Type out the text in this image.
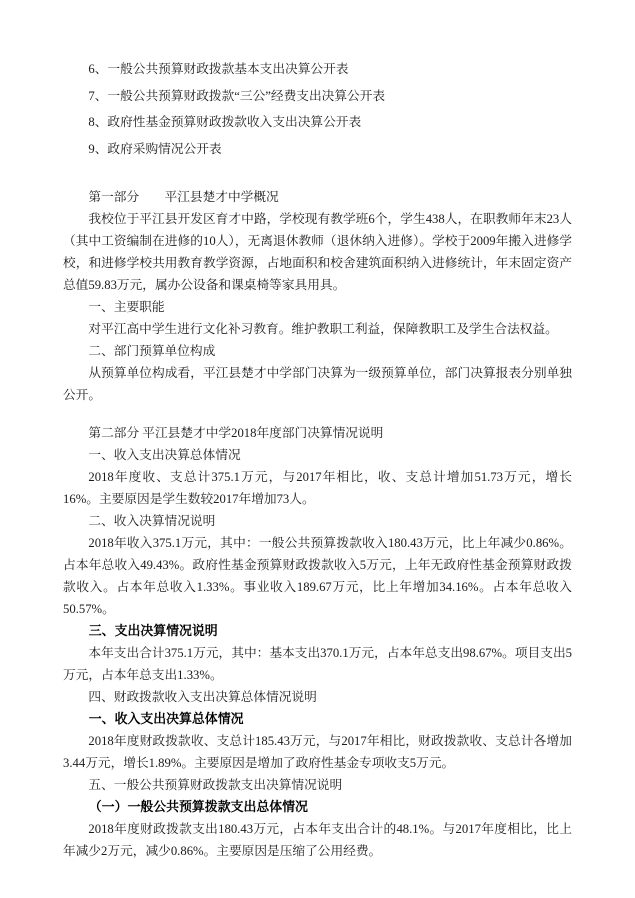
6、一般公共预算财政拨款基本支出决算公开表

7、一般公共预算财政拨款“三公”经费支出决算公开表

8、政府性基金预算财政拨款收入支出决算公开表

9、政府采购情况公开表

第一部分　　平江县楚才中学概况

我校位于平江县开发区育才中路，学校现有教学班6个，学生438人，在职教师年末23人（其中工资编制在进修的10人），无离退休教师（退休纳入进修）。学校于2009年搬入进修学校，和进修学校共用教育教学资源，占地面积和校舍建筑面积纳入进修统计，年末固定资产总值59.83万元，属办公设备和课桌椅等家具用具。

一、主要职能

对平江高中学生进行文化补习教育。维护教职工利益，保障教职工及学生合法权益。

二、部门预算单位构成

从预算单位构成看，平江县楚才中学部门决算为一级预算单位，部门决算报表分别单独公开。

第二部分 平江县楚才中学2018年度部门决算情况说明

一、收入支出决算总体情况

2018年度收、支总计375.1万元，与2017年相比，收、支总计增加51.73万元，增长16%。主要原因是学生数较2017年增加73人。

二、收入决算情况说明

2018年收入375.1万元，其中：一般公共预算拨款收入180.43万元，比上年减少0.86%。占本年总收入49.43%。政府性基金预算财政拨款收入5万元，上年无政府性基金预算财政拨款收入。占本年总收入1.33%。事业收入189.67万元，比上年增加34.16%。占本年总收入50.57%。

三、支出决算情况说明

本年支出合计375.1万元，其中：基本支出370.1万元，占本年总支出98.67%。项目支出5万元，占本年总支出1.33%。

四、财政拨款收入支出决算总体情况说明

一、收入支出决算总体情况

2018年度财政拨款收、支总计185.43万元，与2017年相比，财政拨款收、支总计各增加3.44万元，增长1.89%。主要原因是增加了政府性基金专项收支5万元。

五、一般公共预算财政拨款支出决算情况说明

（一）一般公共预算拨款支出总体情况

2018年度财政拨款支出180.43万元，占本年支出合计的48.1%。与2017年度相比，比上年减少2万元，减少0.86%。主要原因是压缩了公用经费。
